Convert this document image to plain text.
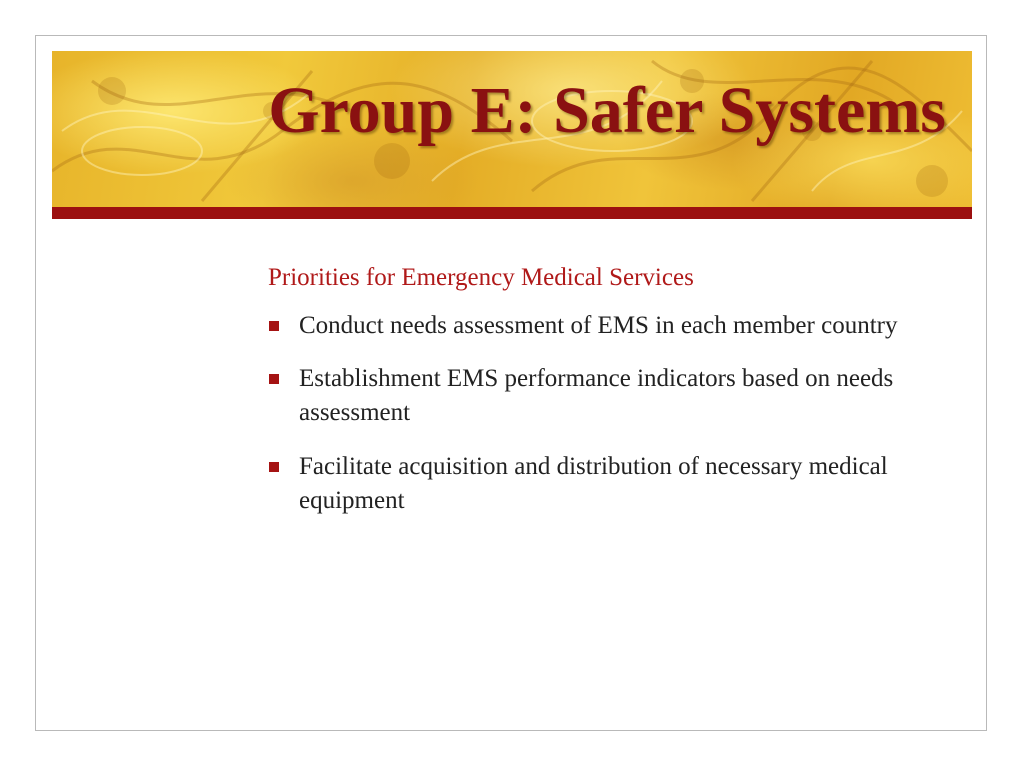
Group E: Safer Systems

Priorities for Emergency Medical Services

Conduct needs assessment of EMS in each member country
Establishment EMS performance indicators based on needs assessment
Facilitate acquisition and distribution of necessary medical equipment
